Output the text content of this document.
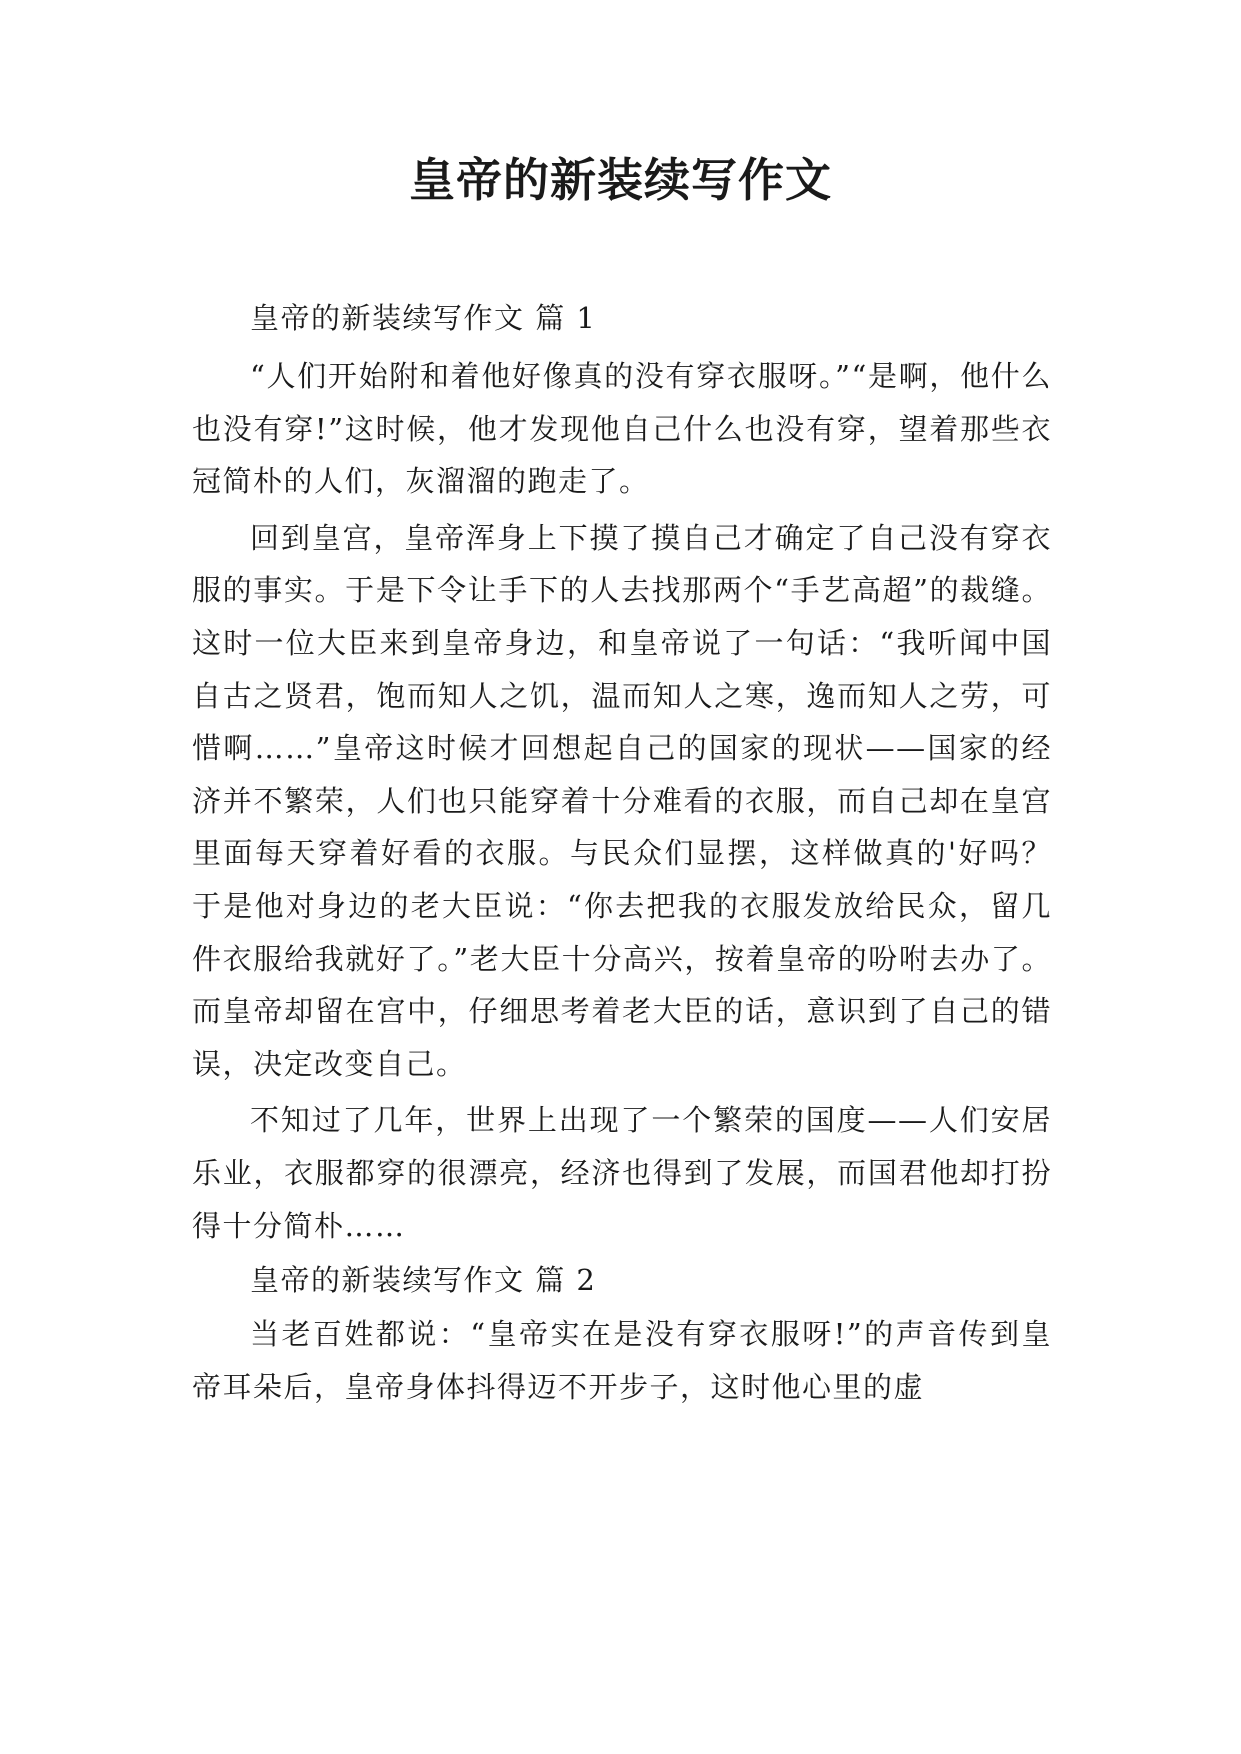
皇帝的新装续写作文

皇帝的新装续写作文 篇 1

“人们开始附和着他好像真的没有穿衣服呀。”“是啊，他什么也没有穿!”这时候，他才发现他自己什么也没有穿，望着那些衣冠简朴的人们，灰溜溜的跑走了。

回到皇宫，皇帝浑身上下摸了摸自己才确定了自己没有穿衣服的事实。于是下令让手下的人去找那两个“手艺高超”的裁缝。这时一位大臣来到皇帝身边，和皇帝说了一句话：“我听闻中国自古之贤君，饱而知人之饥，温而知人之寒，逸而知人之劳，可惜啊……”皇帝这时候才回想起自己的国家的现状——国家的经济并不繁荣，人们也只能穿着十分难看的衣服，而自己却在皇宫里面每天穿着好看的衣服。与民众们显摆，这样做真的'好吗？于是他对身边的老大臣说：“你去把我的衣服发放给民众，留几件衣服给我就好了。”老大臣十分高兴，按着皇帝的吩咐去办了。而皇帝却留在宫中，仔细思考着老大臣的话，意识到了自己的错误，决定改变自己。

不知过了几年，世界上出现了一个繁荣的国度——人们安居乐业，衣服都穿的很漂亮，经济也得到了发展，而国君他却打扮得十分简朴……

皇帝的新装续写作文 篇 2

当老百姓都说：“皇帝实在是没有穿衣服呀!”的声音传到皇帝耳朵后，皇帝身体抖得迈不开步子，这时他心里的虚
